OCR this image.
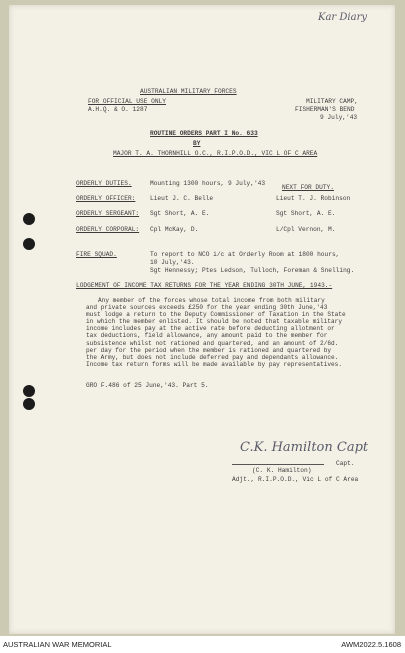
Kar Diary
AUSTRALIAN MILITARY FORCES
FOR OFFICIAL USE ONLY
A.H.Q. & O. 1287
MILITARY CAMP,
FISHERMAN'S BEND
9 July,'43
ROUTINE ORDERS PART I No. 633
BY
MAJOR T. A. THORNHILL O.C., R.I.P.O.D., VIC L OF C AREA
ORDERLY DUTIES.	Mounting 1300 hours, 9 July,'43
NEXT FOR DUTY.
ORDERLY OFFICER: Lieut J. C. Belle	Lieut T. J. Robinson
ORDERLY SERGEANT: Sgt Short, A. E.	Sgt Short, A. E.
ORDERLY CORPORAL: Cpl McKay, D.	L/Cpl Vernon, M.
FIRE SQUAD.	To report to NCO i/c at Orderly Room at 1800 hours,
10 July,'43.
Sgt Hennessy; Ptes Ledson, Tulloch, Foreman & Snelling.
LODGEMENT OF INCOME TAX RETURNS FOR THE YEAR ENDING 30TH JUNE, 1943.-
Any member of the forces whose total income from both military
and private sources exceeds £250 for the year ending 30th June,'43
must lodge a return to the Deputy Commissioner of Taxation in the State
in which the member enlisted. It should be noted that taxable military
income includes pay at the active rate before deducting allotment or
tax deductions, field allowance, any amount paid to the member for
subsistence whilst not rationed and quartered, and an amount of 2/6d.
per day for the period when the member is rationed and quartered by
the Army, but does not include deferred pay and dependants allowance.
Income tax return forms will be made available by pay representatives.
GRO F.486 of 25 June,'43. Part 5.
C.K. Hamilton Capt
(C. K. Hamilton)
Capt.
Adjt., R.I.P.O.D., Vic L of C Area
AUSTRALIAN WAR MEMORIAL	AWM2022.5.1608
